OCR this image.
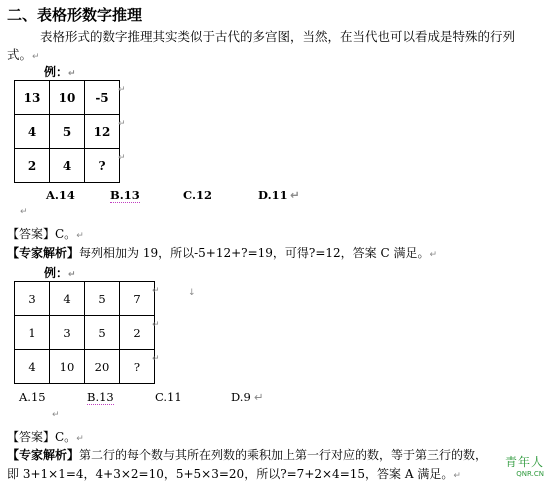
二、表格形数字推理
表格形式的数字推理其实类似于古代的多宫图，当然，在当代也可以看成是特殊的行列
式。↵
例：↵
13	10	-5
4	5	12
2	4	?
↵
↵
↵
A.14	B.13	C.12	D.11 ↵
↵
【答案】C。↵
【专家解析】每列相加为 19，所以-5+12+?=19，可得?=12，答案 C 满足。↵
例：↵
3	4	5	7
1	3	5	2
4	10	20	?
↵	↓
↵
↵
A.15	B.13	C.11	D.9 ↵
↵
【答案】C。↵
【专家解析】第二行的每个数与其所在列数的乘积加上第一行对应的数，等于第三行的数，
即 3+1×1=4，4+3×2=10，5+5×3=20，所以?=7+2×4=15，答案 A 满足。↵
青年人
QNR.CN
